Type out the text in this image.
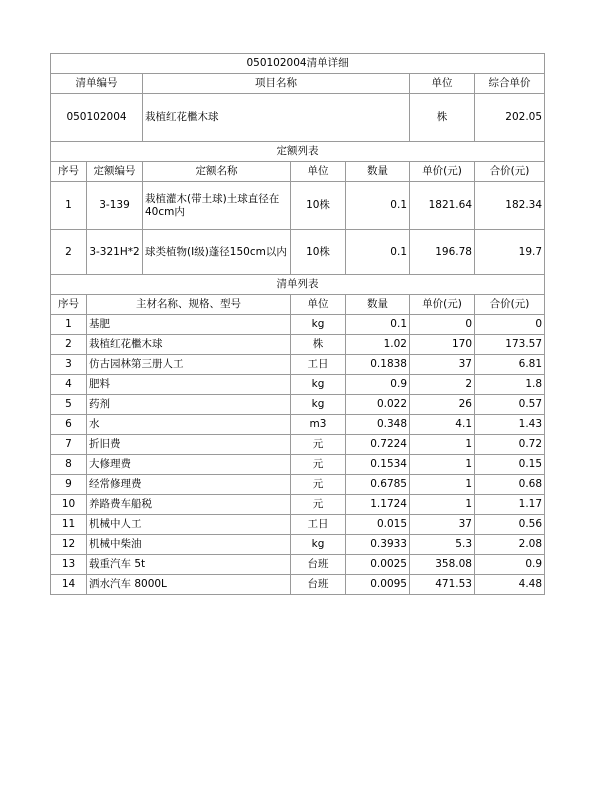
050102004清单详细						
清单编号		项目名称			单位	综合单价
050102004		栽植红花檵木球			株	202.05
定额列表						
序号	定额编号	定额名称	单位	数量	单价(元)	合价(元)
1	3-139	栽植灌木(带土球)土球直径在40cm内	10株	0.1	1821.64	182.34
2	3-321H*2	球类植物(I级)蓬径150cm以内	10株	0.1	196.78	19.7
清单列表						
序号	主材名称、规格、型号		单位	数量	单价(元)	合价(元)
1	基肥		kg	0.1	0	0
2	栽植红花檵木球		株	1.02	170	173.57
3	仿古园林第三册人工		工日	0.1838	37	6.81
4	肥料		kg	0.9	2	1.8
5	药剂		kg	0.022	26	0.57
6	水		m3	0.348	4.1	1.43
7	折旧费		元	0.7224	1	0.72
8	大修理费		元	0.1534	1	0.15
9	经常修理费		元	0.6785	1	0.68
10	养路费车船税		元	1.1724	1	1.17
11	机械中人工		工日	0.015	37	0.56
12	机械中柴油		kg	0.3933	5.3	2.08
13	载重汽车 5t		台班	0.0025	358.08	0.9
14	洒水汽车 8000L		台班	0.0095	471.53	4.48
